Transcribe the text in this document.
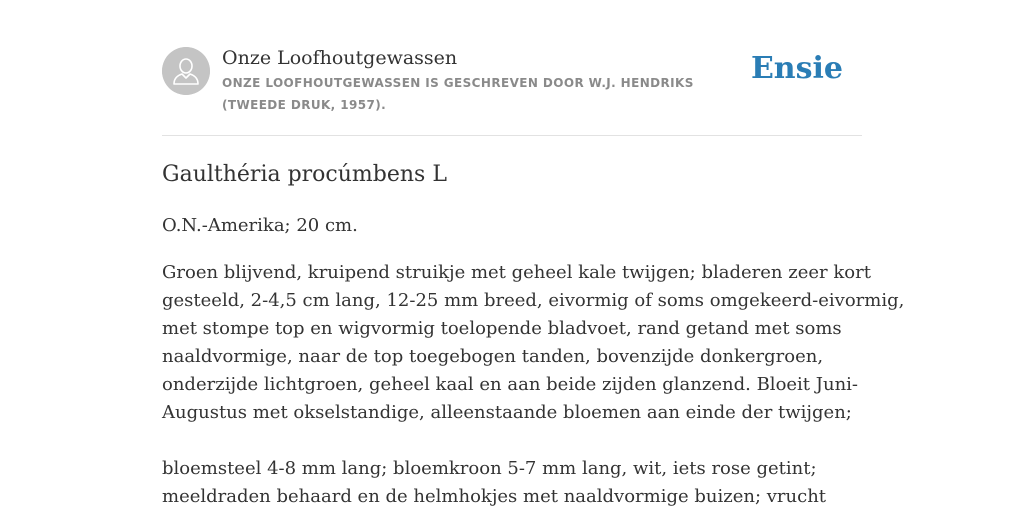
Onze Loofhoutgewassen
ONZE LOOFHOUTGEWASSEN IS GESCHREVEN DOOR W.J. HENDRIKS (TWEEDE DRUK, 1957).
Ensie
Gaulthéria procúmbens L
O.N.-Amerika; 20 cm.
Groen blijvend, kruipend struikje met geheel kale twijgen; bladeren zeer kort
gesteeld, 2-4,5 cm lang, 12-25 mm breed, eivormig of soms omgekeerd-eivormig,
met stompe top en wigvormig toelopende bladvoet, rand getand met soms
naaldvormige, naar de top toegebogen tanden, bovenzijde donkergroen,
onderzijde lichtgroen, geheel kaal en aan beide zijden glanzend. Bloeit Juni-
Augustus met okselstandige, alleenstaande bloemen aan einde der twijgen;
bloemsteel 4-8 mm lang; bloemkroon 5-7 mm lang, wit, iets rose getint;
meeldraden behaard en de helmhokjes met naaldvormige buizen; vrucht
